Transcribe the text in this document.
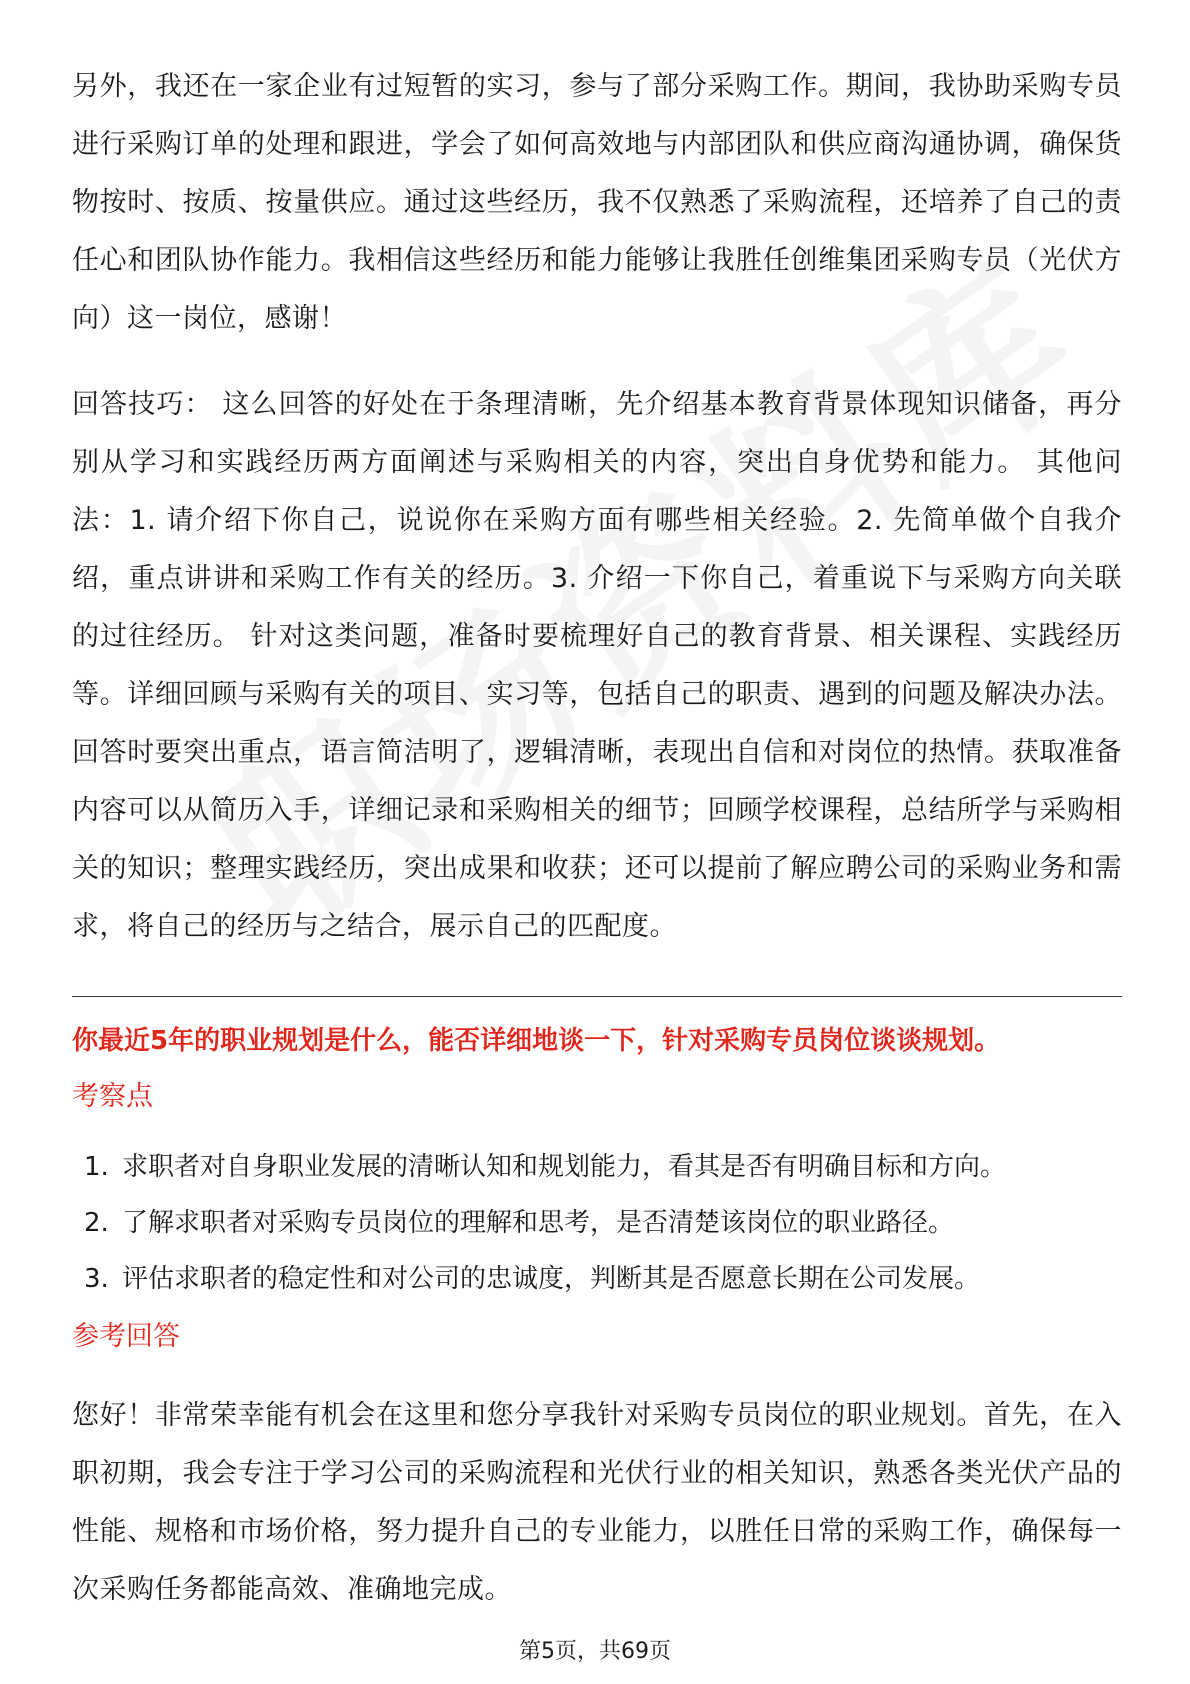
另外，我还在一家企业有过短暂的实习，参与了部分采购工作。期间，我协助采购专员进行采购订单的处理和跟进，学会了如何高效地与内部团队和供应商沟通协调，确保货物按时、按质、按量供应。通过这些经历，我不仅熟悉了采购流程，还培养了自己的责任心和团队协作能力。我相信这些经历和能力能够让我胜任创维集团采购专员（光伏方向）这一岗位，感谢！

回答技巧： 这么回答的好处在于条理清晰，先介绍基本教育背景体现知识储备，再分别从学习和实践经历两方面阐述与采购相关的内容，突出自身优势和能力。 其他问法：1. 请介绍下你自己，说说你在采购方面有哪些相关经验。2. 先简单做个自我介绍，重点讲讲和采购工作有关的经历。3. 介绍一下你自己，着重说下与采购方向关联的过往经历。 针对这类问题，准备时要梳理好自己的教育背景、相关课程、实践经历等。详细回顾与采购有关的项目、实习等，包括自己的职责、遇到的问题及解决办法。回答时要突出重点，语言简洁明了，逻辑清晰，表现出自信和对岗位的热情。获取准备内容可以从简历入手，详细记录和采购相关的细节；回顾学校课程，总结所学与采购相关的知识；整理实践经历，突出成果和收获；还可以提前了解应聘公司的采购业务和需求，将自己的经历与之结合，展示自己的匹配度。

你最近5年的职业规划是什么，能否详细地谈一下，针对采购专员岗位谈谈规划。

考察点

1. 求职者对自身职业发展的清晰认知和规划能力，看其是否有明确目标和方向。
2. 了解求职者对采购专员岗位的理解和思考，是否清楚该岗位的职业路径。
3. 评估求职者的稳定性和对公司的忠诚度，判断其是否愿意长期在公司发展。

参考回答

您好！非常荣幸能有机会在这里和您分享我针对采购专员岗位的职业规划。首先，在入职初期，我会专注于学习公司的采购流程和光伏行业的相关知识，熟悉各类光伏产品的性能、规格和市场价格，努力提升自己的专业能力，以胜任日常的采购工作，确保每一次采购任务都能高效、准确地完成。

第5页，共69页
